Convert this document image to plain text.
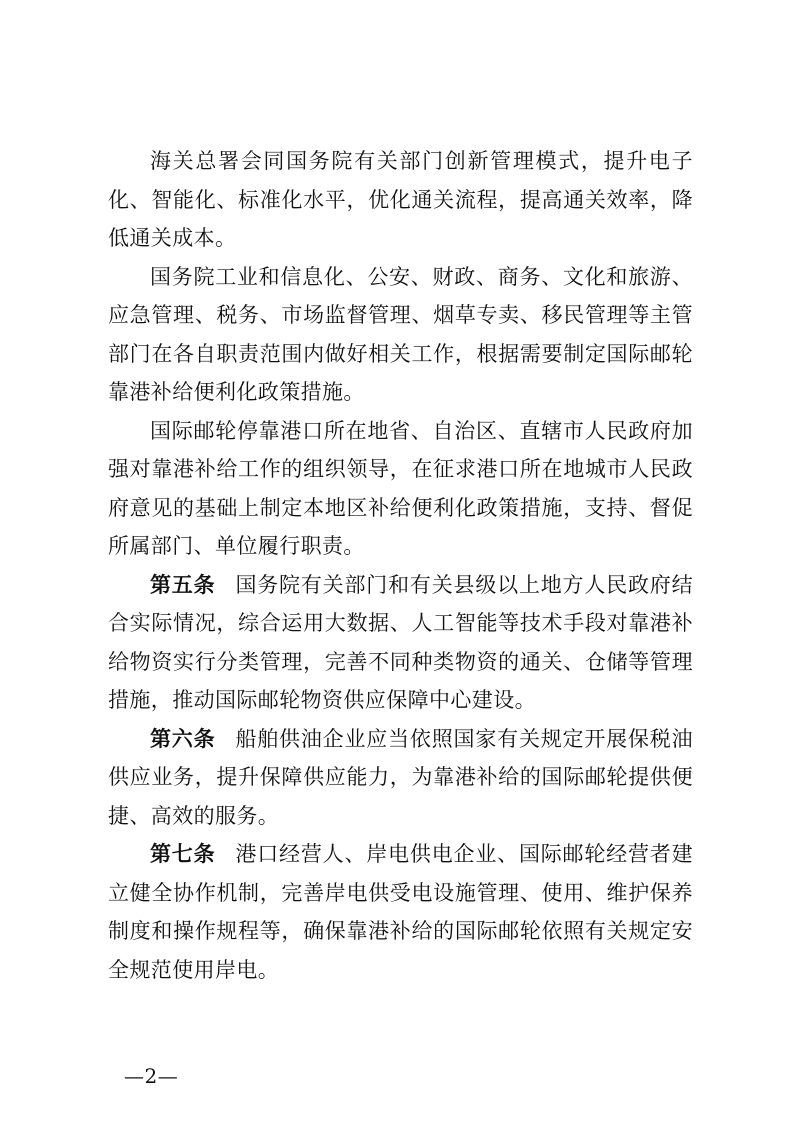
海关总署会同国务院有关部门创新管理模式，提升电子化、智能化、标准化水平，优化通关流程，提高通关效率，降低通关成本。

国务院工业和信息化、公安、财政、商务、文化和旅游、应急管理、税务、市场监督管理、烟草专卖、移民管理等主管部门在各自职责范围内做好相关工作，根据需要制定国际邮轮靠港补给便利化政策措施。

国际邮轮停靠港口所在地省、自治区、直辖市人民政府加强对靠港补给工作的组织领导，在征求港口所在地城市人民政府意见的基础上制定本地区补给便利化政策措施，支持、督促所属部门、单位履行职责。

第五条 国务院有关部门和有关县级以上地方人民政府结合实际情况，综合运用大数据、人工智能等技术手段对靠港补给物资实行分类管理，完善不同种类物资的通关、仓储等管理措施，推动国际邮轮物资供应保障中心建设。

第六条 船舶供油企业应当依照国家有关规定开展保税油供应业务，提升保障供应能力，为靠港补给的国际邮轮提供便捷、高效的服务。

第七条 港口经营人、岸电供电企业、国际邮轮经营者建立健全协作机制，完善岸电供受电设施管理、使用、维护保养制度和操作规程等，确保靠港补给的国际邮轮依照有关规定安全规范使用岸电。

—2—
